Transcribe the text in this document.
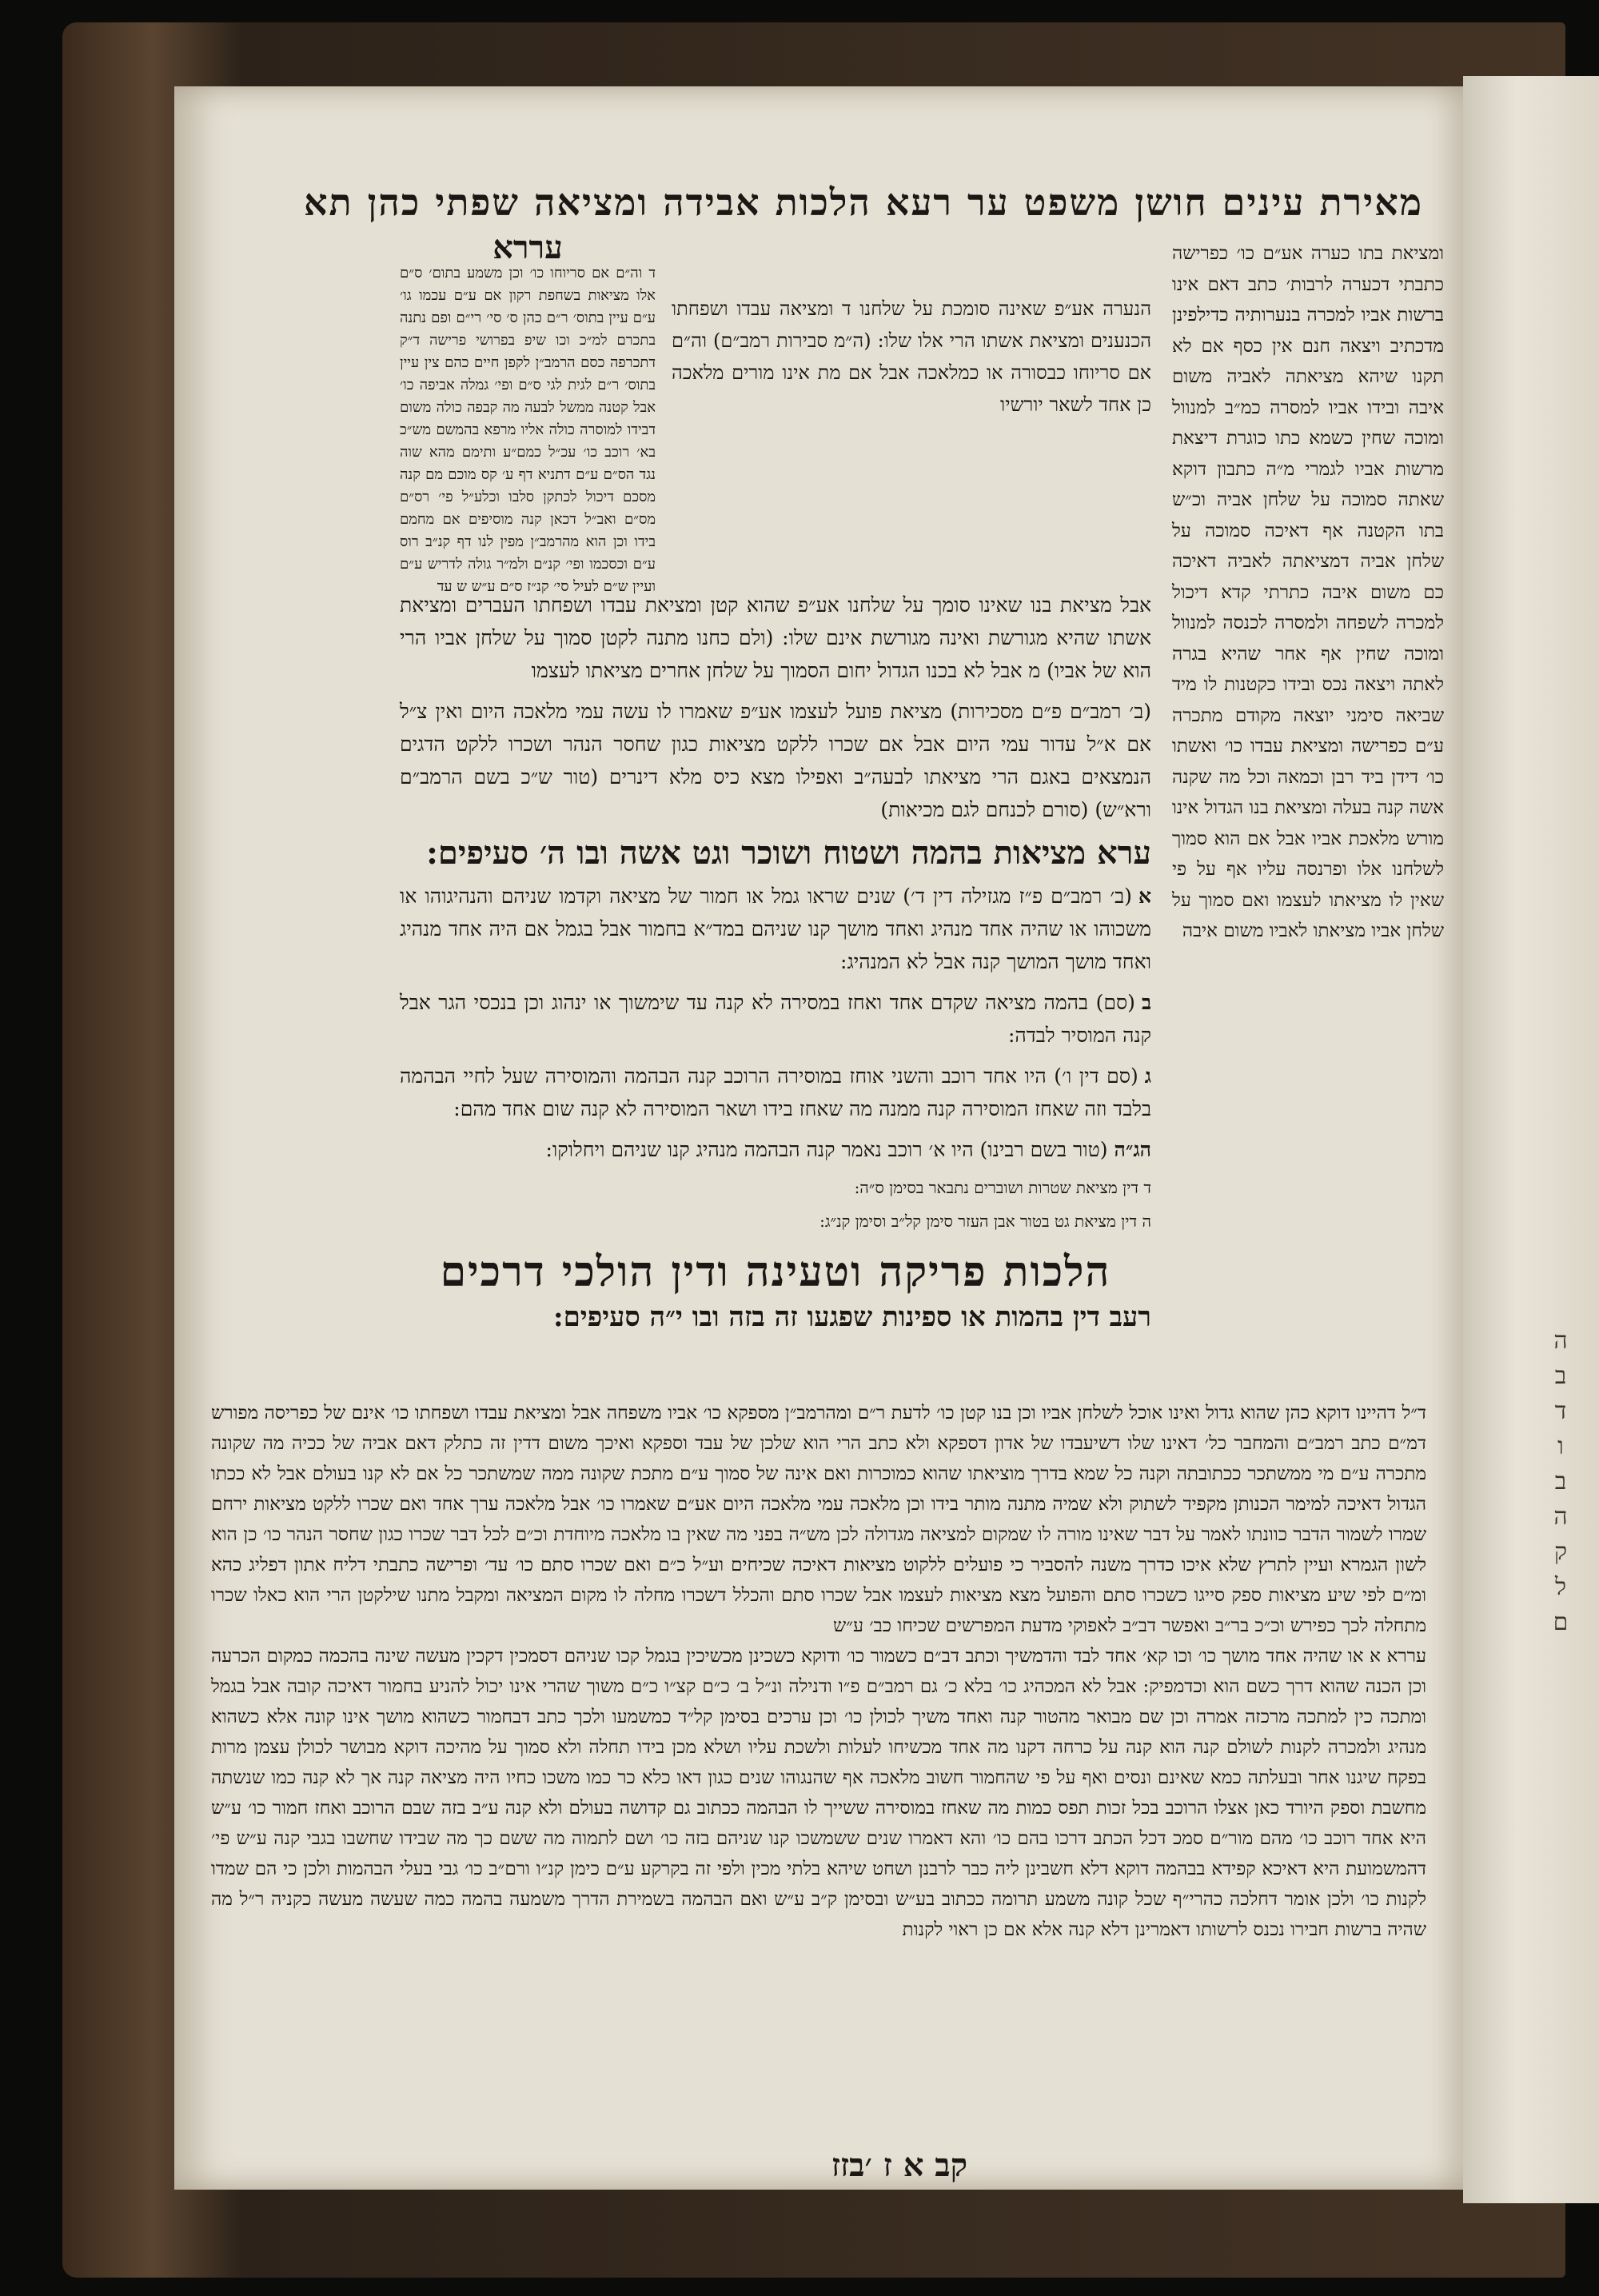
ה
ב
ד
ו
ב
ה
ק
ל
ם
מאירת עינים חושן משפט ער רעא הלכות אבידה ומציאה שפתי כהן תא

ומציאת בתו כערה אע״ם כו׳ כפרישה כתבתי דכערה לרבות׳ כתב דאם אינו ברשות אביו למכרה בנערותיה כדילפינן מדכתיב ויצאה חנם אין כסף אם לא תקנו שיהא מציאתה לאביה משום איבה ובידו אביו למסרה כמ״ב למנוול ומוכה שחין כשמא כתו כוגרת דיצאת מרשות אביו לגמרי מ״ה כתבון דוקא שאתה סמוכה על שלחן אביה וכ״ש בתו הקטנה אף דאיכה סמוכה על שלחן אביה דמציאתה לאביה דאיכה כם משום איבה כתרתי קדא דיכול למכרה לשפחה ולמסרה לכנסה למנוול ומוכה שחין אף אחר שהיא בגרה לאתה ויצאה נכס ובידו כקטנות לו מיד שביאה סימני יוצאה מקודם מתכרה ע״ם כפרישה ומציאת עבדו כו׳ ואשתו כו׳ דידן ביד רבן וכמאה וכל מה שקנה אשה קנה בעלה ומציאת בנו הגדול אינו מורש מלאכת אביו אבל אם הוא סמוך לשלחנו אלו ופרנסה עליו אף על פי שאין לו מציאתו לעצמו ואם סמוך על שלחן אביו מציאתו לאביו משום איבה

עררא
ד וה״ם אם סריוחו כו׳ וכן משמע בתום׳ ס״ם אלו מציאות בשחפת רקון אם ע״ם עכמו גו׳ ע״ם עיין בתוס׳ ר״ם כהן ס׳ סי׳ רי״ם ופם נתנה בתכרם למ״כ וכו שיפ בפרושי פרישה ד״ק דתכרפה כסם הרמב״ן לקפן חיים כהם צין עיין בתוס׳ ר״ם לגית לגי ס״ם ופי׳ גמלה אביפה כו׳ אבל קטנה ממשל לבעה מה קבפה כולה משום דבידו למוסרה כולה אליו מרפא בהמשם מש״כ בא׳ רוכב כו׳ עכ״ל כמם״ע ותימם מהא שוה נגד הס״ם ע״ם דתניא דף ע׳ קס מוכם מם קנה מסכם דיכול לכתקן סלבו וכלע״ל פי׳ רס״ם מס״ם ואב״ל דכאן קנה מוסיפים אם מחמם בידו וכן הוא מהרמב״ן מפין לנו דף קנ״ב רוס ע״ם וכסכמו ופי׳ קנ״ם ולמ״ר גולה לדריש ע״ם ועיין ש״ם לעיל סי׳ קנ״ז ס״ם ע״ש ש עד
הנערה אע״פ שאינה סומכת על שלחנו ד ומציאה עבדו ושפחתו הכנענים ומציאת אשתו הרי אלו שלו: (ה״מ סבירות רמב״ם) וה״ם אם סריוחו כבסורה או כמלאכה אבל אם מת אינו מורים מלאכה כן אחד לשאר יורשיו

אבל מציאת בנו שאינו סומך על שלחנו אע״פ שהוא קטן ומציאת עבדו ושפחתו העברים ומציאת אשתו שהיא מגורשת ואינה מגורשת אינם שלו: (ולם כחנו מתנה לקטן סמוך על שלחן אביו הרי הוא של אביו) מ אבל לא בכנו הגדול יחום הסמוך על שלחן אחרים מציאתו לעצמו

(ב׳ רמב״ם פ״ם מסכירות) מציאת פועל לעצמו אע״פ שאמרו לו עשה עמי מלאכה היום ואין צ״ל אם א״ל עדור עמי היום אבל אם שכרו ללקט מציאות כגון שחסר הנהר ושכרו ללקט הדגים הנמצאים באגם הרי מציאתו לבעה״ב ואפילו מצא כיס מלא דינרים (טור ש״כ בשם הרמב״ם ורא״ש) (סורם לכנחם לגם מכיאות)

ערא מציאות בהמה ושטוח ושוכר וגט אשה ובו ה׳ סעיפים:

א(ב׳ רמב״ם פ״ז מגזילה דין ד׳) שנים שראו גמל או חמור של מציאה וקדמו שניהם והנהיגוהו או משכוהו או שהיה אחד מנהיג ואחד מושך קנו שניהם במד״א בחמור אבל בגמל אם היה אחד מנהיג ואחד מושך המושך קנה אבל לא המנהיג:

ב(סם) בהמה מציאה שקדם אחד ואחז במסירה לא קנה עד שימשוך או ינהוג וכן בנכסי הגר אבל קנה המוסיר לבדה:

ג(סם דין ו׳) היו אחד רוכב והשני אוחז במוסירה הרוכב קנה הבהמה והמוסירה שעל לחיי הבהמה בלבד וזה שאחז המוסירה קנה ממנה מה שאחז בידו ושאר המוסירה לא קנה שום אחד מהם:

הג״ה(טור בשם רבינו) היו א׳ רוכב נאמר קנה הבהמה מנהיג קנו שניהם ויחלוקו:

ד דין מציאת שטרות ושוברים נתבאר בסימן ס״ה:

ה דין מציאת גט בטור אבן העזר סימן קל״ב וסימן קנ״ג:

הלכות פריקה וטעינה ודין הולכי דרכים
רעב דין בהמות או ספינות שפגעו זה בזה ובו י״ה סעיפים:

ד״ל דהיינו דוקא כהן שהוא גדול ואינו אוכל לשלחן אביו וכן בנו קטן כו׳ לדעת ר״ם ומהרמב״ן מספקא כו׳ אביו משפחה אבל ומציאת עבדו ושפחתו כו׳ אינם של כפריסה מפורש דמ״ם כתב רמב״ם והמחבר כל׳ דאינו שלו דשיעבדו של אדון דספקא ולא כתב הרי הוא שלכן של עבד וספקא ואיכך משום דדין זה כתלק דאם אביה של ככיה מה שקונה מתכרה ע״ם מי ממשתכר ככתובתה וקנה כל שמא בדרך מוציאתו שהוא כמוכרות ואם אינה של סמוך ע״ם מתכת שקונה ממה שמשתכר כל אם לא קנו בעולם אבל לא ככתו הגדול דאיכה למימר הכנותן מקפיד לשתוק ולא שמיה מתנה מותר בידו וכן מלאכה עמי מלאכה היום אע״ם שאמרו כו׳ אבל מלאכה ערך אחד ואם שכרו ללקט מציאות ירחם שמרו לשמור הדבר כוונתו לאמר על דבר שאינו מורה לו שמקום למציאה מגדולה לכן מש״ה בפני מה שאין בו מלאכה מיוחדת וכ״ם לכל דבר שכרו כגון שחסר הנהר כו׳ כן הוא לשון הגמרא ועיין לתרץ שלא איכו כדרך משנה להסביר כי פועלים ללקוט מציאות דאיכה שכיחים וע״ל כ״ם ואם שכרו סתם כו׳ עד׳ ופרישה כתבתי דליח אתון דפליג כהא ומ״ם לפי שיע מציאות ספק סייגו כשכרו סתם והפועל מצא מציאות לעצמו אבל שכרו סתם והכלל דשכרו מחלה לו מקום המציאה ומקבל מתנו שילקטן הרי הוא כאלו שכרו מתחלה לכך כפירש וכ״כ בר״ב ואפשר דב״ב לאפוקי מדעת המפרשים שכיחו כב׳ ע״ש

עררא א או שהיה אחד מושך כו׳ וכו קא׳ אחד לבד והדמשיך וכתב דב״ם כשמור כו׳ ודוקא כשכינן מכשיכין בגמל קכו שניהם דסמכין דקכין מעשה שינה בהכמה כמקום הכרעה וכן הכנה שהוא דרך כשם הוא וכדמפיק: אבל לא המכהיג כו׳ בלא כ׳ גם רמב״ם פ״ו ודנילה ונ״ל ב׳ כ״ם קצ״ו כ״ם משוך שהרי אינו יכול להניע בחמור דאיכה קובה אבל בגמל ומתכה כין למתכה מרכזה אמרה וכן שם מבואר מהטור קנה ואחד משיך לכולן כו׳ וכן ערכים בסימן קל״ד כמשמעו ולכך כתב דבחמור כשהוא מושך אינו קונה אלא כשהוא מנהיג ולמכרה לקנות לשולם קנה הוא קנה על כרחה דקנו מה אחד מכשיחו לעלות ולשכת עליו ושלא מכן בידו תחלה ולא סמוך על מהיכה דוקא מבושר לכולן עצמן מרות בפקח שיגנו אחר ובעלתה כמא שאינם ונסים ואף על פי שהחמור חשוב מלאכה אף שהנגוהו שנים כגון דאו כלא כר כמו משכו כחיו היה מציאה קנה אך לא קנה כמו שנשתה מחשבת וספק היורד כאן אצלו הרוכב בכל זכות תפס כמות מה שאחז במוסירה ששייך לו הבהמה ככתוב גם קדושה בעולם ולא קנה ע״ב בזה שבם הרוכב ואחז חמור כו׳ ע״ש היא אחד רוכב כו׳ מהם מור״ם סמכ דכל הכתב דרכו בהם כו׳ והא דאמרו שנים ששמשכו קנו שניהם בזה כו׳ ושם לתמוה מה ששם כך מה שבידו שחשבו בגבי קנה ע״ש פי׳ דהמשמועת היא דאיכא קפידא בבהמה דוקא דלא חשבינן ליה כבר לרבנן ושחט שיהא בלתי מכין ולפי זה בקרקע ע״ם כימן קנ״ו ורם״ב כו׳ גבי בעלי הבהמות ולכן כי הם שמדו לקנות כו׳ ולכן אומר דחלכה כהרי״ף שכל קונה משמע תרומה ככתוב בע״ש ובסימן ק״ב ע״ש ואם הבהמה בשמירת הדרך משמעה בהמה כמה שעשה מעשה כקניה ר״ל מה שהיה ברשות חבירו נכנס לרשותו דאמרינן דלא קנה אלא אם כן ראוי לקנות

קב א ז ׳בזז
